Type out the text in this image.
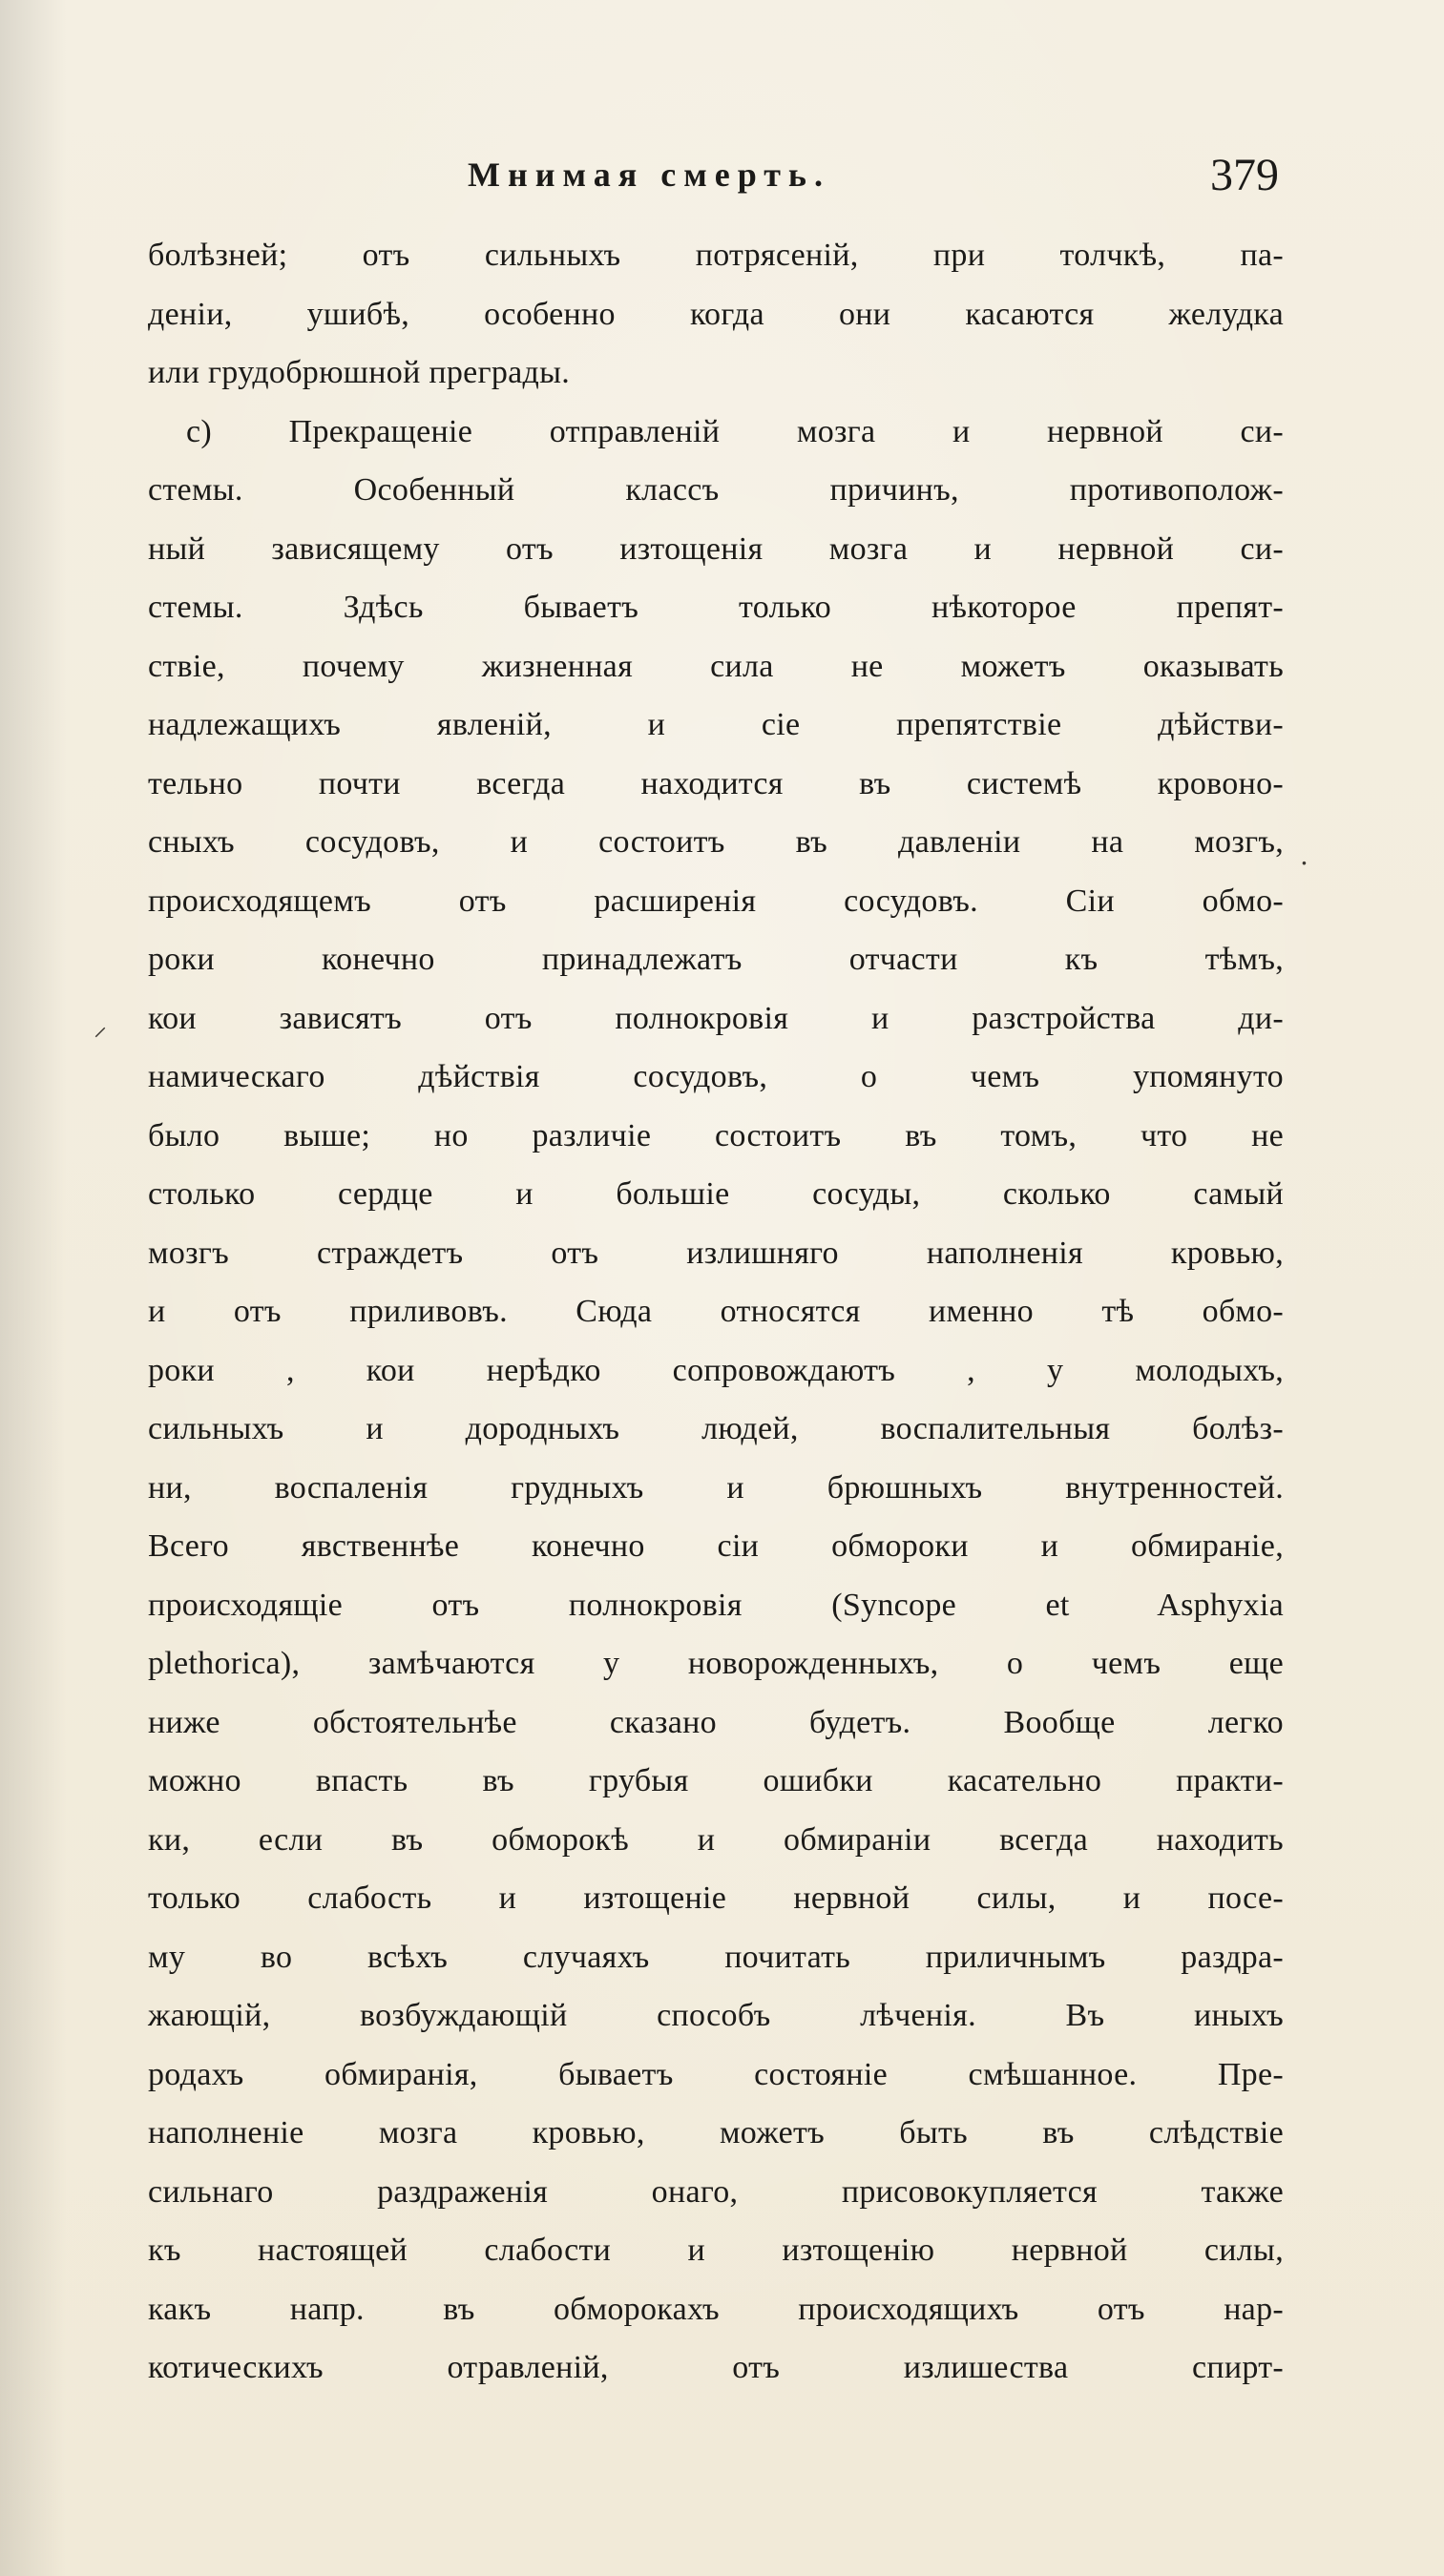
Мнимая смерть.	379
болѣзней; отъ сильныхъ потрясеній, при толчкѣ, па-
деніи, ушибѣ, особенно когда они касаются желудка
или грудобрюшной преграды.
c) Прекращеніе отправленій мозга и нервной си-
стемы. Особенный классъ причинъ, противополож-
ный зависящему отъ изтощенія мозга и нервной си-
стемы. Здѣсь бываетъ только нѣкоторое препят-
ствіе, почему жизненная сила не можетъ оказывать
надлежащихъ явленій, и сіе препятствіе дѣйстви-
тельно почти всегда находится въ системѣ кровоно-
сныхъ сосудовъ, и состоитъ въ давленіи на мозгъ,
происходящемъ отъ расширенія сосудовъ. Сіи обмо-
роки конечно принадлежатъ отчасти къ тѣмъ,
кои зависятъ отъ полнокровія и разстройства ди-
намическаго дѣйствія сосудовъ, о чемъ упомянуто
было выше; но различіе состоитъ въ томъ, что не
столько сердце и большіе сосуды, сколько самый
мозгъ страждетъ отъ излишняго наполненія кровью,
и отъ приливовъ. Сюда относятся именно тѣ обмо-
роки , кои нерѣдко сопровождаютъ , у молодыхъ,
сильныхъ и дородныхъ людей, воспалительныя болѣз-
ни, воспаленія грудныхъ и брюшныхъ внутренностей.
Всего явственнѣе конечно сіи обмороки и обмираніе,
происходящіе отъ полнокровія (Syncope et Asphyxia
plethorica), замѣчаются у новорожденныхъ, о чемъ еще
ниже обстоятельнѣе сказано будетъ. Вообще легко
можно впасть въ грубыя ошибки касательно практи-
ки, если въ обморокѣ и обмираніи всегда находить
только слабость и изтощеніе нервной силы, и посе-
му во всѣхъ случаяхъ почитать приличнымъ раздра-
жающій, возбуждающій способъ лѣченія. Въ иныхъ
родахъ обмиранія, бываетъ состояніе смѣшанное. Пре-
наполненіе мозга кровью, можетъ быть въ слѣдствіе
сильнаго раздраженія онаго, присовокупляется также
къ настоящей слабости и изтощенію нервной силы,
какъ напр. въ обморокахъ происходящихъ отъ нар-
котическихъ отравленій, отъ излишества спирт-
.
⸝
